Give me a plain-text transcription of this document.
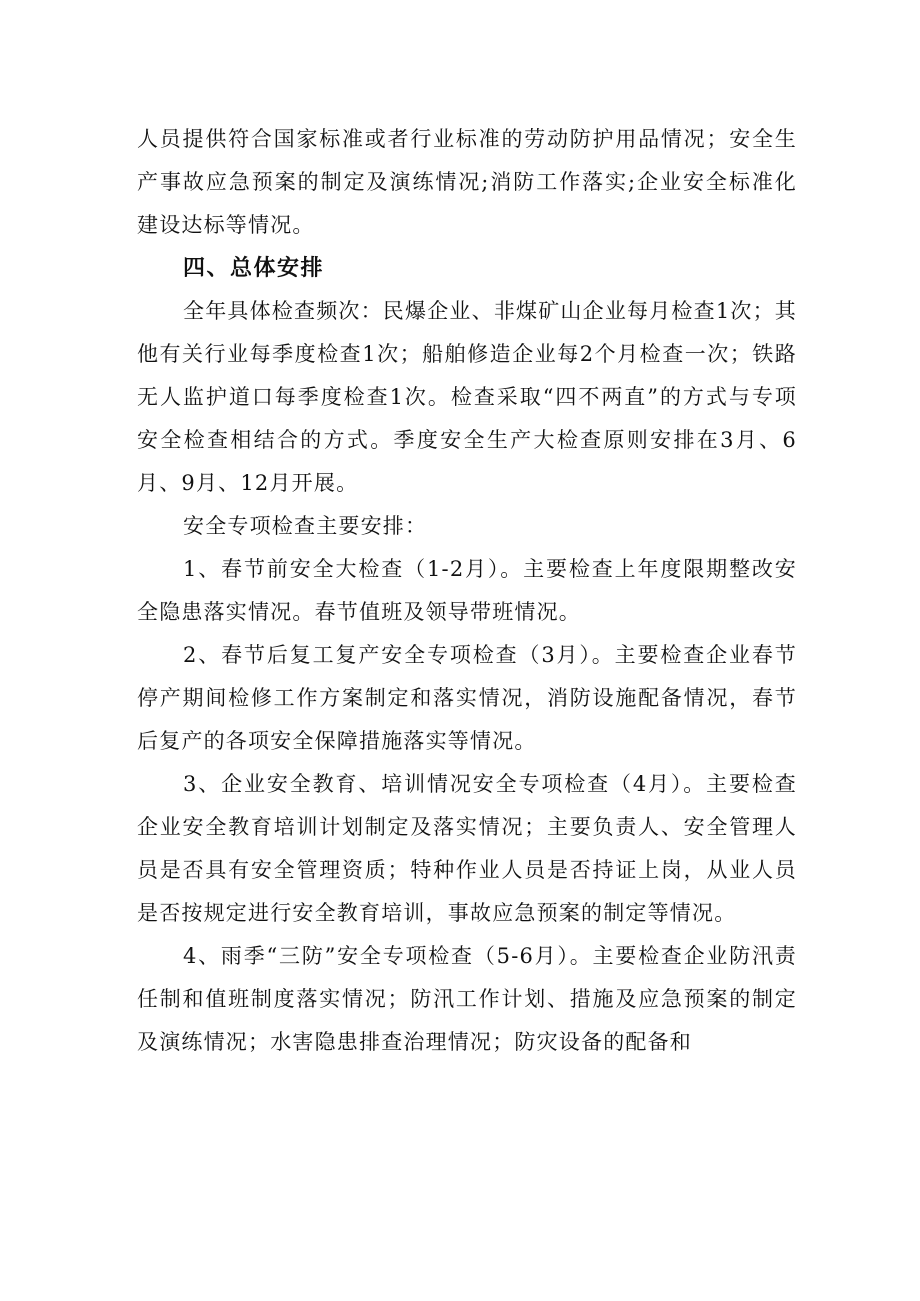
人员提供符合国家标准或者行业标准的劳动防护用品情况；安全生产事故应急预案的制定及演练情况;消防工作落实;企业安全标准化建设达标等情况。

四、总体安排

全年具体检查频次：民爆企业、非煤矿山企业每月检查1次；其他有关行业每季度检查1次；船舶修造企业每2个月检查一次；铁路无人监护道口每季度检查1次。检查采取“四不两直”的方式与专项安全检查相结合的方式。季度安全生产大检查原则安排在3月、6月、9月、12月开展。

安全专项检查主要安排：

1、春节前安全大检查（1-2月）。主要检查上年度限期整改安全隐患落实情况。春节值班及领导带班情况。

2、春节后复工复产安全专项检查（3月）。主要检查企业春节停产期间检修工作方案制定和落实情况，消防设施配备情况，春节后复产的各项安全保障措施落实等情况。

3、企业安全教育、培训情况安全专项检查（4月）。主要检查企业安全教育培训计划制定及落实情况；主要负责人、安全管理人员是否具有安全管理资质；特种作业人员是否持证上岗，从业人员是否按规定进行安全教育培训，事故应急预案的制定等情况。

4、雨季“三防”安全专项检查（5-6月）。主要检查企业防汛责任制和值班制度落实情况；防汛工作计划、措施及应急预案的制定及演练情况；水害隐患排查治理情况；防灾设备的配备和
